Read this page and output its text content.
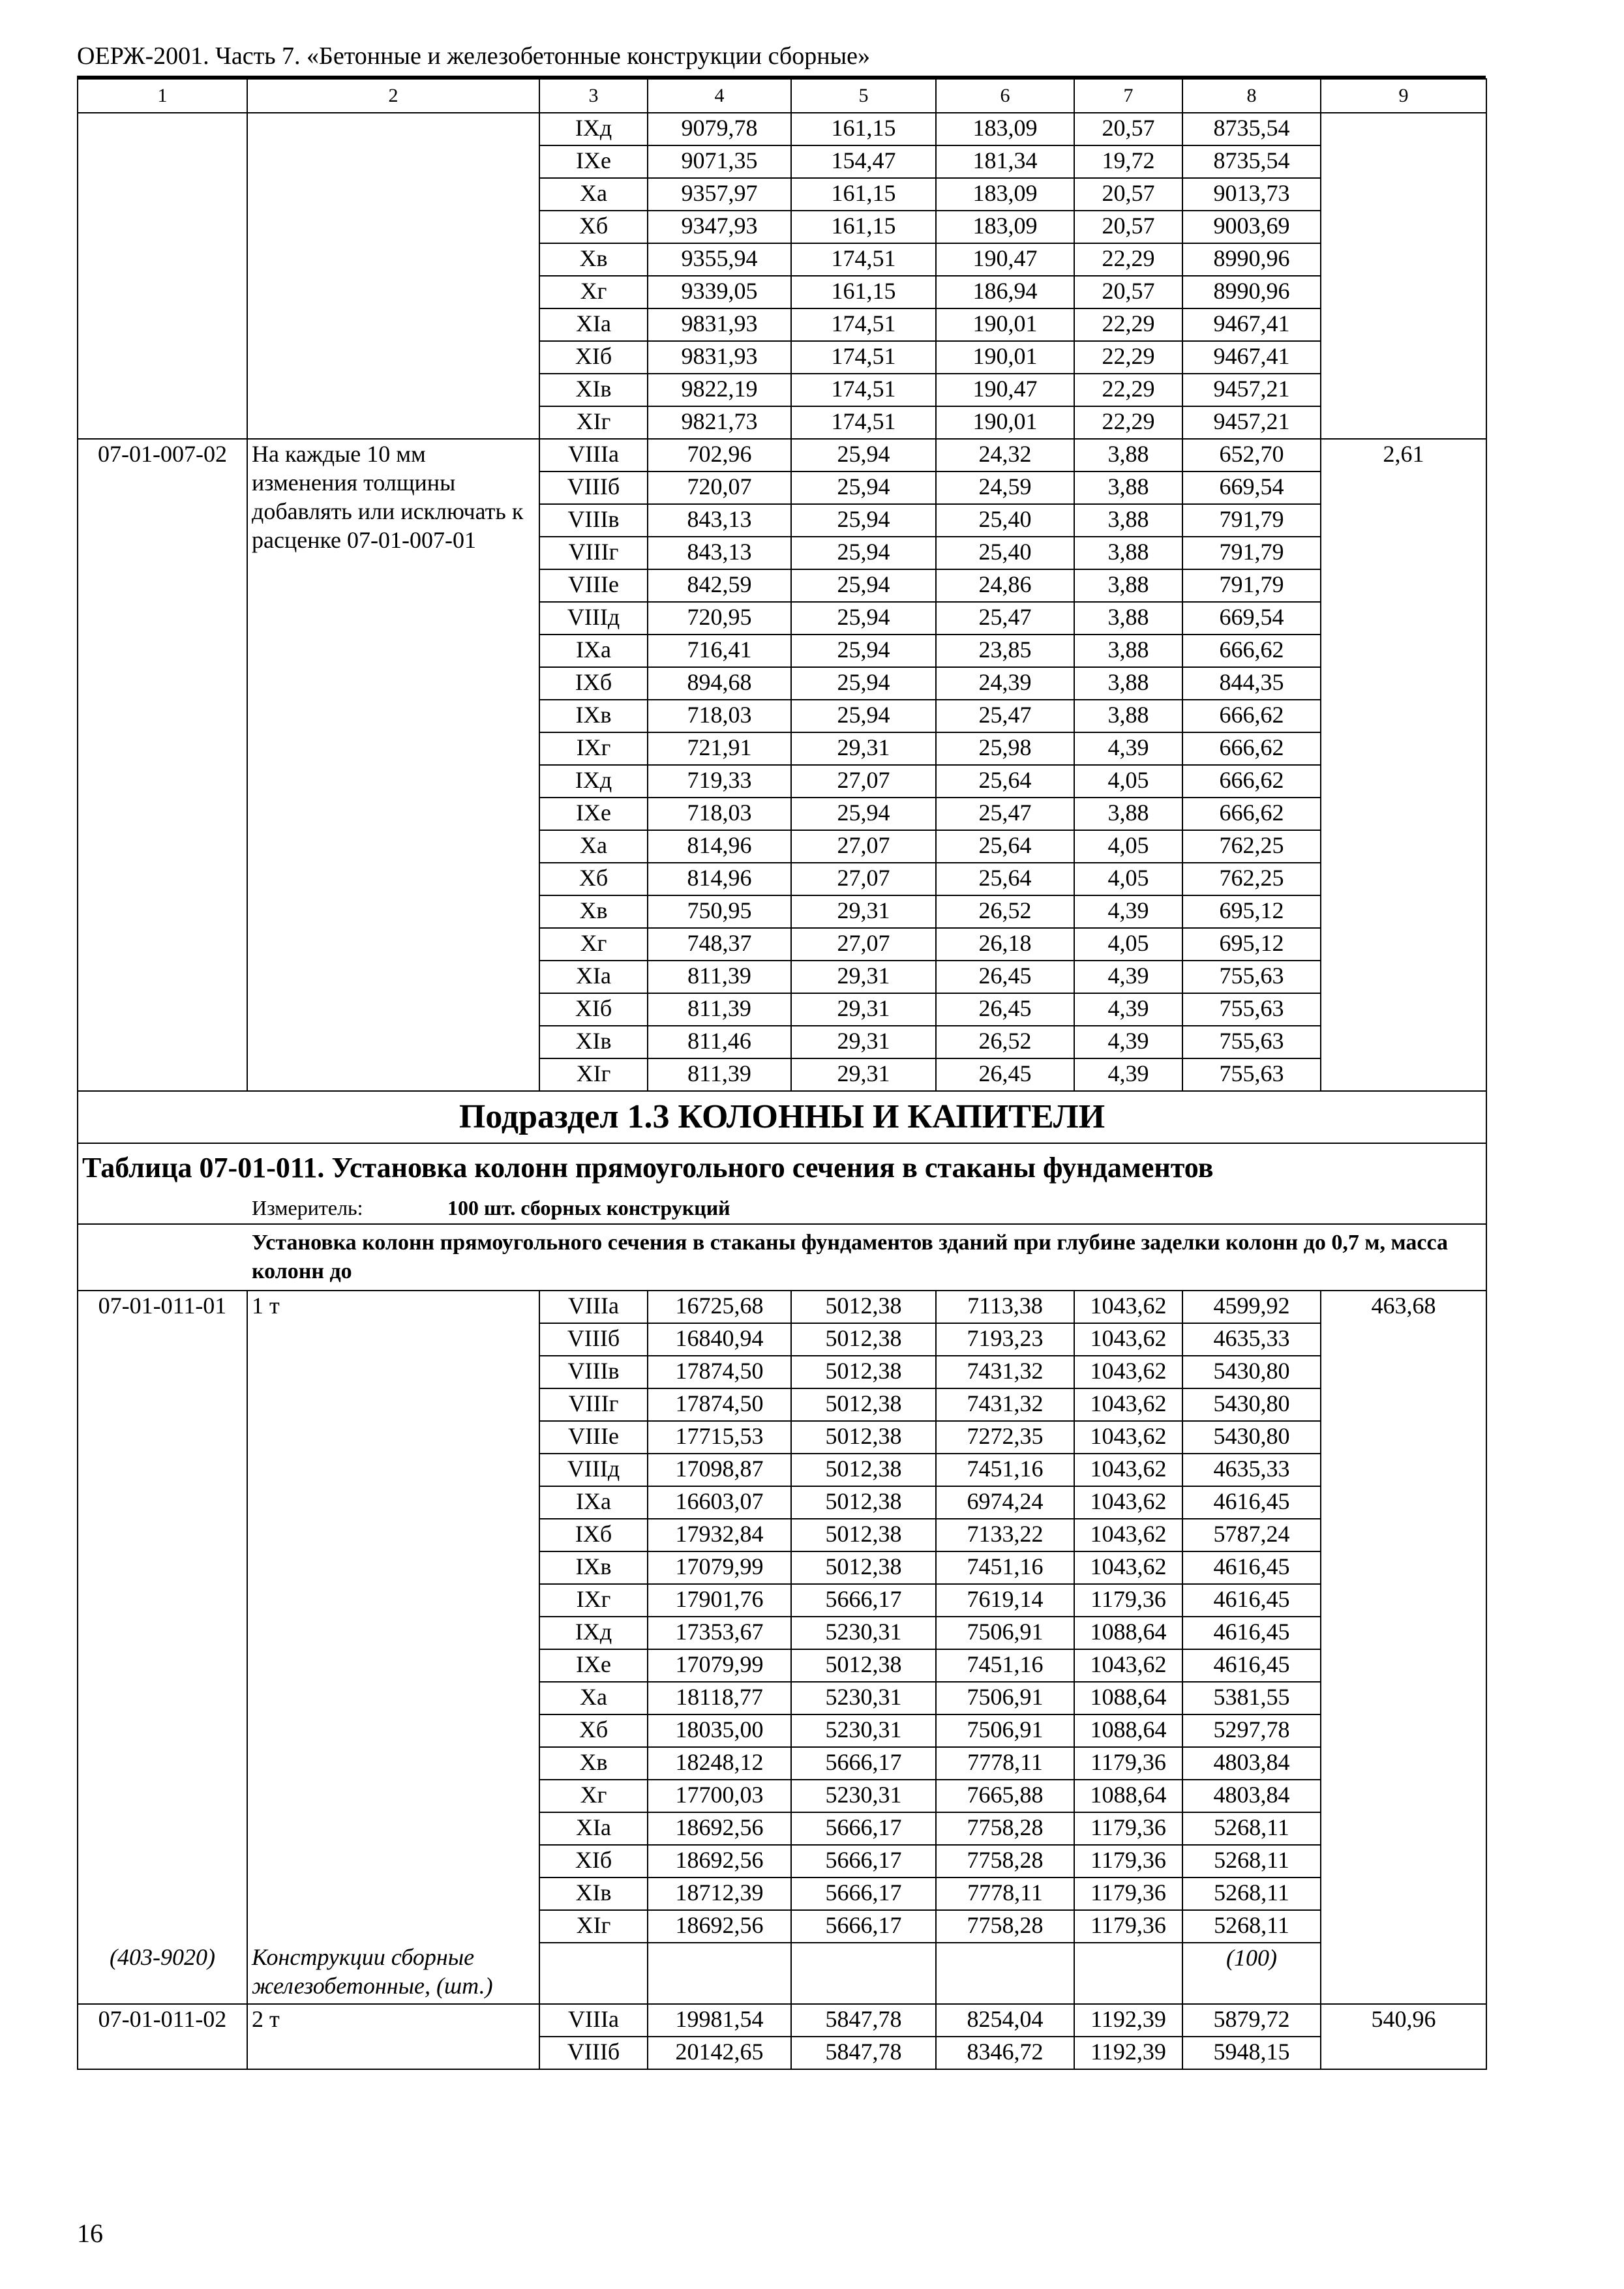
ОЕРЖ-2001. Часть 7. «Бетонные и железобетонные конструкции сборные»
1	2	3	4	5	6	7	8	9
		IXд	9079,78	161,15	183,09	20,57	8735,54	
		IXе	9071,35	154,47	181,34	19,72	8735,54	
		Xа	9357,97	161,15	183,09	20,57	9013,73	
		Xб	9347,93	161,15	183,09	20,57	9003,69	
		Xв	9355,94	174,51	190,47	22,29	8990,96	
		Xг	9339,05	161,15	186,94	20,57	8990,96	
		XIа	9831,93	174,51	190,01	22,29	9467,41	
		XIб	9831,93	174,51	190,01	22,29	9467,41	
		XIв	9822,19	174,51	190,47	22,29	9457,21	
		XIг	9821,73	174,51	190,01	22,29	9457,21	
07-01-007-02	На каждые 10 мм изменения толщины добавлять или исключать к расценке 07-01-007-01	VIIIа	702,96	25,94	24,32	3,88	652,70	2,61
		VIIIб	720,07	25,94	24,59	3,88	669,54	
		VIIIв	843,13	25,94	25,40	3,88	791,79	
		VIIIг	843,13	25,94	25,40	3,88	791,79	
		VIIIе	842,59	25,94	24,86	3,88	791,79	
		VIIIд	720,95	25,94	25,47	3,88	669,54	
		IXа	716,41	25,94	23,85	3,88	666,62	
		IXб	894,68	25,94	24,39	3,88	844,35	
		IXв	718,03	25,94	25,47	3,88	666,62	
		IXг	721,91	29,31	25,98	4,39	666,62	
		IXд	719,33	27,07	25,64	4,05	666,62	
		IXе	718,03	25,94	25,47	3,88	666,62	
		Xа	814,96	27,07	25,64	4,05	762,25	
		Xб	814,96	27,07	25,64	4,05	762,25	
		Xв	750,95	29,31	26,52	4,39	695,12	
		Xг	748,37	27,07	26,18	4,05	695,12	
		XIа	811,39	29,31	26,45	4,39	755,63	
		XIб	811,39	29,31	26,45	4,39	755,63	
		XIв	811,46	29,31	26,52	4,39	755,63	
		XIг	811,39	29,31	26,45	4,39	755,63	
Подраздел 1.3 КОЛОННЫ И КАПИТЕЛИ								
Таблица 07-01-011. Установка колонн прямоугольного сечения в стаканы фундаментов								
Измеритель: 100 шт. сборных конструкций								

Установка колонн прямоугольного сечения в стаканы фундаментов зданий при глубине заделки колонн до 0,7 м, масса колонн до								

07-01-011-01	1 т	VIIIа	16725,68	5012,38	7113,38	1043,62	4599,92	463,68
		VIIIб	16840,94	5012,38	7193,23	1043,62	4635,33	
		VIIIв	17874,50	5012,38	7431,32	1043,62	5430,80	
		VIIIг	17874,50	5012,38	7431,32	1043,62	5430,80	
		VIIIе	17715,53	5012,38	7272,35	1043,62	5430,80	
		VIIIд	17098,87	5012,38	7451,16	1043,62	4635,33	
		IXа	16603,07	5012,38	6974,24	1043,62	4616,45	
		IXб	17932,84	5012,38	7133,22	1043,62	5787,24	
		IXв	17079,99	5012,38	7451,16	1043,62	4616,45	
		IXг	17901,76	5666,17	7619,14	1179,36	4616,45	
		IXд	17353,67	5230,31	7506,91	1088,64	4616,45	
		IXе	17079,99	5012,38	7451,16	1043,62	4616,45	
		Xа	18118,77	5230,31	7506,91	1088,64	5381,55	
		Xб	18035,00	5230,31	7506,91	1088,64	5297,78	
		Xв	18248,12	5666,17	7778,11	1179,36	4803,84	
		Xг	17700,03	5230,31	7665,88	1088,64	4803,84	
		XIа	18692,56	5666,17	7758,28	1179,36	5268,11	
		XIб	18692,56	5666,17	7758,28	1179,36	5268,11	
		XIв	18712,39	5666,17	7778,11	1179,36	5268,11	
		XIг	18692,56	5666,17	7758,28	1179,36	5268,11	
(403-9020)	Конструкции сборные железобетонные, (шт.)						(100)	
07-01-011-02	2 т	VIIIа	19981,54	5847,78	8254,04	1192,39	5879,72	540,96
		VIIIб	20142,65	5847,78	8346,72	1192,39	5948,15	
16
